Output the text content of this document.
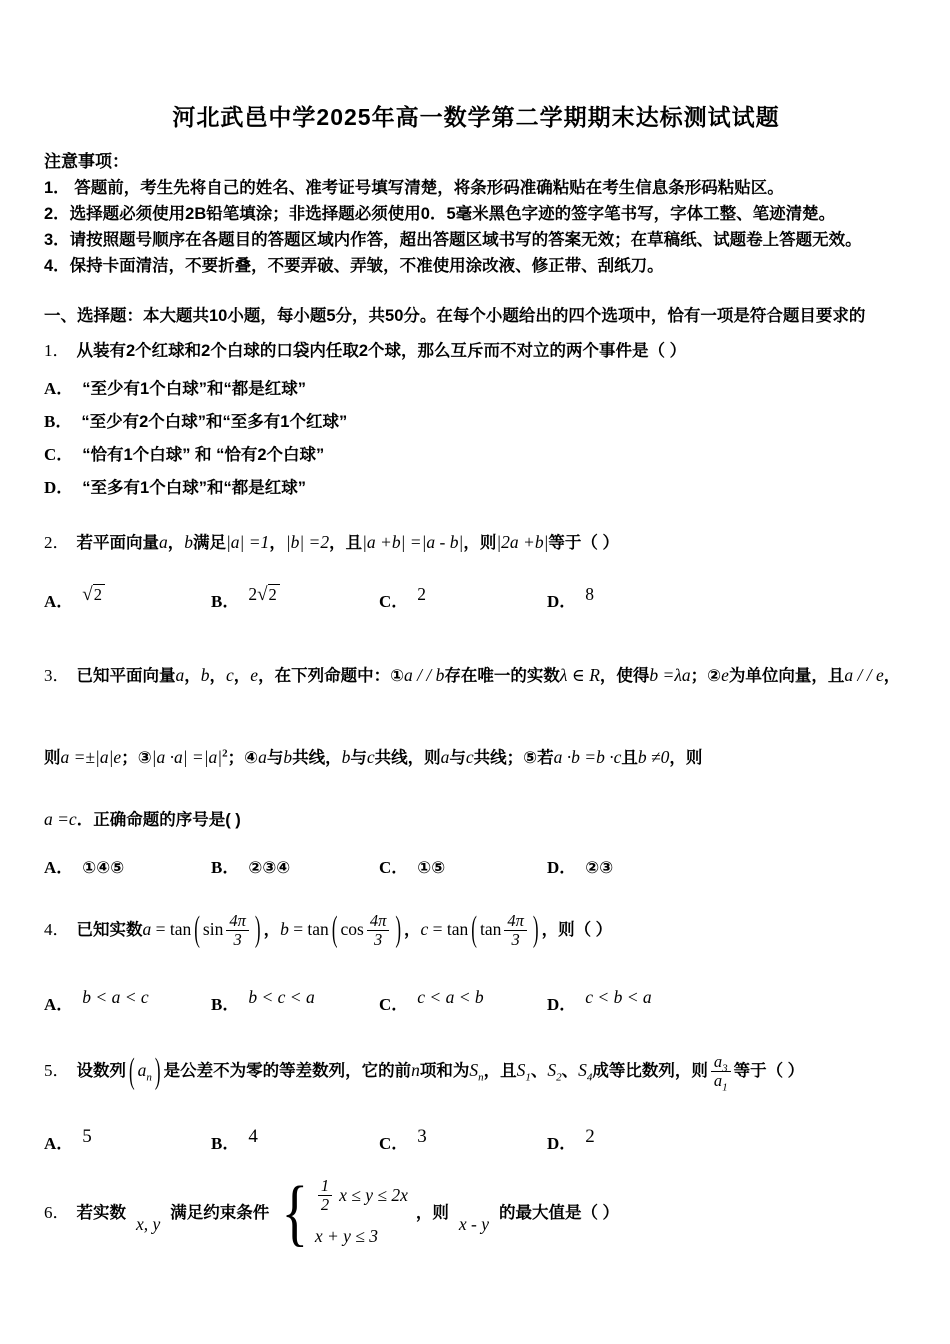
河北武邑中学2025年高一数学第二学期期末达标测试试题
注意事项：
1． 答题前，考生先将自己的姓名、准考证号填写清楚，将条形码准确粘贴在考生信息条形码粘贴区。
2．选择题必须使用2B铅笔填涂；非选择题必须使用0．5毫米黑色字迹的签字笔书写，字体工整、笔迹清楚。
3．请按照题号顺序在各题目的答题区域内作答，超出答题区域书写的答案无效；在草稿纸、试题卷上答题无效。
4．保持卡面清洁，不要折叠，不要弄破、弄皱，不准使用涂改液、修正带、刮纸刀。
一、选择题：本大题共10小题，每小题5分，共50分。在每个小题给出的四个选项中，恰有一项是符合题目要求的
1． 从装有2个红球和2个白球的口袋内任取2个球，那么互斥而不对立的两个事件是（ ）
A． “至少有1个白球”和“都是红球”
B． “至少有2个白球”和“至多有1个红球”
C． “恰有1个白球” 和 “恰有2个白球”
D． “至多有1个白球”和“都是红球”
2． 若平面向量a，b满足|a| =1，|b| =2，且|a +b| =|a - b|，则|2a +b|等于（ ）
A． √2	B． 2√2	C． 2	D． 8
3． 已知平面向量a，b，c，e，在下列命题中：①a / / b存在唯一的实数λ ∈ R，使得b =λa；②e为单位向量，且a / / e，则a =±|a|e；③|a $\cdot a| =|a|^2$；④a与b共线，b与c共线，则a与c共线；⑤若a ·b =b ·c且b ≠0，则
a =c．正确命题的序号是( )
A． ①④⑤	B． ②③④	C． ①⑤	D． ②③
4． 已知实数a = tan ( $\sin \frac{4\pi}{3}$ ) ，b = tan ( $\cos \frac{4\pi}{3}$ ) ，c = tan ( $\tan \frac{4\pi}{3}$ ) ，则（ ）
A． b < a < c	B． b < c < a	C． c < a < b	D． c < b < a
5． 设数列 ( $a_n$ ) 是公差不为零的等差数列，它的前n项和为$S_n$，且$S_1$、$S_2$、$S_4$成等比数列，则 $\frac{a_3}{a_1}$ 等于（ ）
A． 5	B． 4	C． 3	D． 2
6． 若实数
x, y
满足约束条件 { $\frac{1}{2}$ x ≤ y ≤ 2x
x + y ≤ 3
，则
x - y
的最大值是（ ）
